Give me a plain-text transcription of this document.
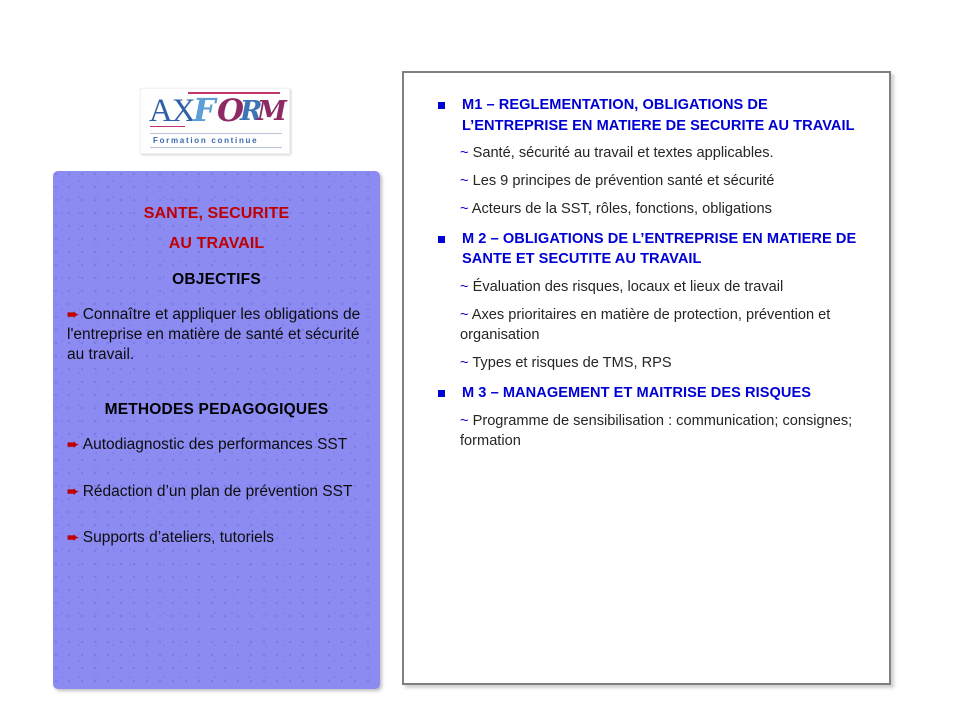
AX
F O
R
M
Formation continue
SANTE, SECURITE
AU TRAVAIL
OBJECTIFS
➨ Connaître et appliquer les obligations de l'entreprise en matière de santé et sécurité au travail.
METHODES PEDAGOGIQUES
➨ Autodiagnostic des performances SST
➨ Rédaction d’un plan de prévention SST
➨ Supports d’ateliers, tutoriels
M1 – REGLEMENTATION, OBLIGATIONS DE L’ENTREPRISE EN MATIERE DE SECURITE AU TRAVAIL
~ Santé, sécurité au travail et textes applicables.
~ Les 9 principes de prévention santé et sécurité
~ Acteurs de la SST, rôles, fonctions, obligations
M 2 – OBLIGATIONS DE L’ENTREPRISE EN MATIERE DE SANTE ET SECUTITE AU TRAVAIL
~ Évaluation des risques, locaux et lieux de travail
~ Axes prioritaires en matière de protection, prévention et organisation
~ Types et risques de TMS, RPS
M 3 – MANAGEMENT ET MAITRISE DES RISQUES
~ Programme de sensibilisation : communication; consignes; formation
